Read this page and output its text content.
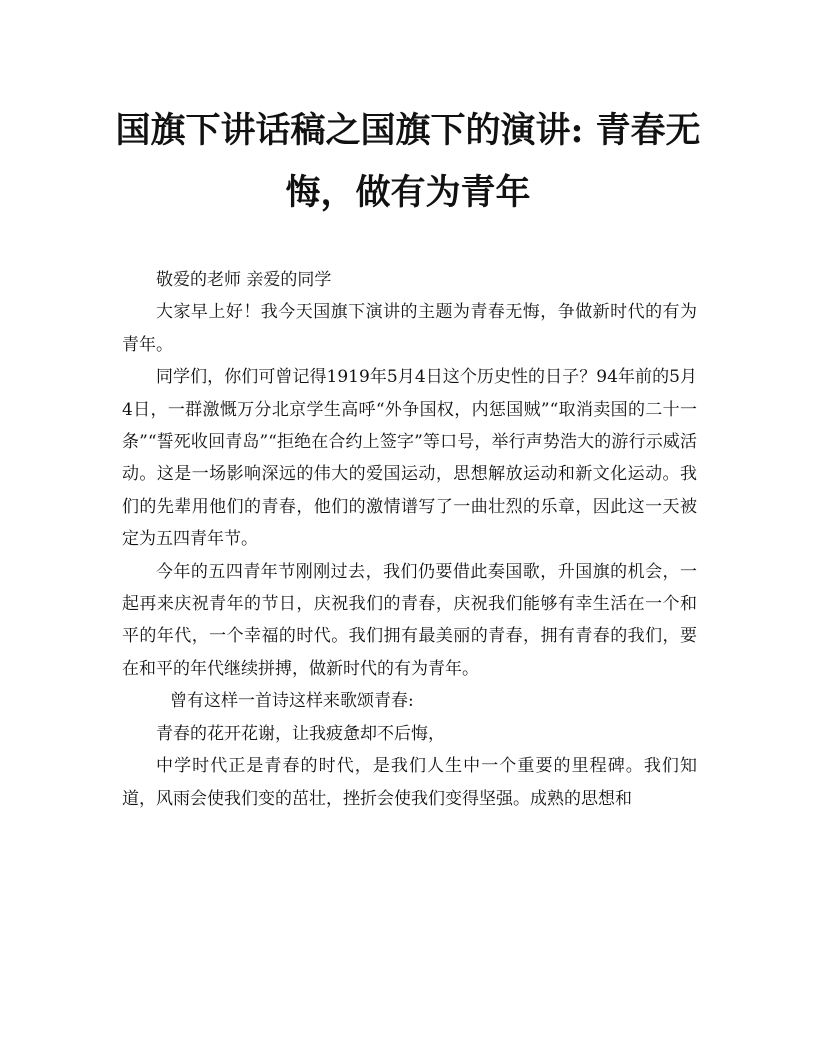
国旗下讲话稿之国旗下的演讲: 青春无
悔，做有为青年

敬爱的老师 亲爱的同学

大家早上好！我今天国旗下演讲的主题为青春无悔，争做新时代的有为青年。

同学们，你们可曾记得1919年5月4日这个历史性的日子？94年前的5月4日，一群激慨万分北京学生高呼“外争国权，内惩国贼”“取消卖国的二十一条”“誓死收回青岛”“拒绝在合约上签字”等口号，举行声势浩大的游行示威活动。这是一场影响深远的伟大的爱国运动，思想解放运动和新文化运动。我们的先辈用他们的青春，他们的激情谱写了一曲壮烈的乐章，因此这一天被定为五四青年节。

今年的五四青年节刚刚过去，我们仍要借此奏国歌，升国旗的机会，一起再来庆祝青年的节日，庆祝我们的青春，庆祝我们能够有幸生活在一个和平的年代，一个幸福的时代。我们拥有最美丽的青春，拥有青春的我们，要在和平的年代继续拼搏，做新时代的有为青年。

曾有这样一首诗这样来歌颂青春:

青春的花开花谢，让我疲惫却不后悔，

中学时代正是青春的时代，是我们人生中一个重要的里程碑。我们知道，风雨会使我们变的茁壮，挫折会使我们变得坚强。成熟的思想和
